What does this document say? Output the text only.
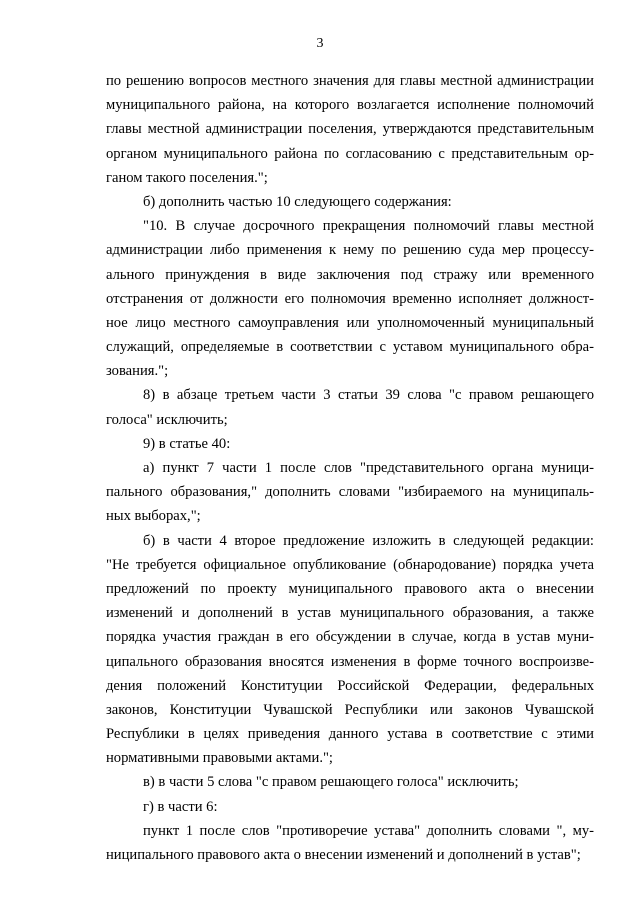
3
по решению вопросов местного значения для главы местной администрации
муниципального района, на которого возлагается исполнение полномочий
главы местной администрации поселения, утверждаются представительным
органом муниципального района по согласованию с представительным ор-
ганом такого поселения.";
б) дополнить частью 10 следующего содержания:
"10. В случае досрочного прекращения полномочий главы местной
администрации либо применения к нему по решению суда мер процессу-
ального принуждения в виде заключения под стражу или временного
отстранения от должности его полномочия временно исполняет должност-
ное лицо местного самоуправления или уполномоченный муниципальный
служащий, определяемые в соответствии с уставом муниципального обра-
зования.";
8) в абзаце третьем части 3 статьи 39 слова "с правом решающего
голоса" исключить;
9) в статье 40:
а) пункт 7 части 1 после слов "представительного органа муници-
пального образования," дополнить словами "избираемого на муниципаль-
ных выборах,";
б) в части 4 второе предложение изложить в следующей редакции:
"Не требуется официальное опубликование (обнародование) порядка учета
предложений по проекту муниципального правового акта о внесении
изменений и дополнений в устав муниципального образования, а также
порядка участия граждан в его обсуждении в случае, когда в устав муни-
ципального образования вносятся изменения в форме точного воспроизве-
дения положений Конституции Российской Федерации, федеральных
законов, Конституции Чувашской Республики или законов Чувашской
Республики в целях приведения данного устава в соответствие с этими
нормативными правовыми актами.";
в) в части 5 слова "с правом решающего голоса" исключить;
г) в части 6:
пункт 1 после слов "противоречие устава" дополнить словами ", му-
ниципального правового акта о внесении изменений и дополнений в устав";
